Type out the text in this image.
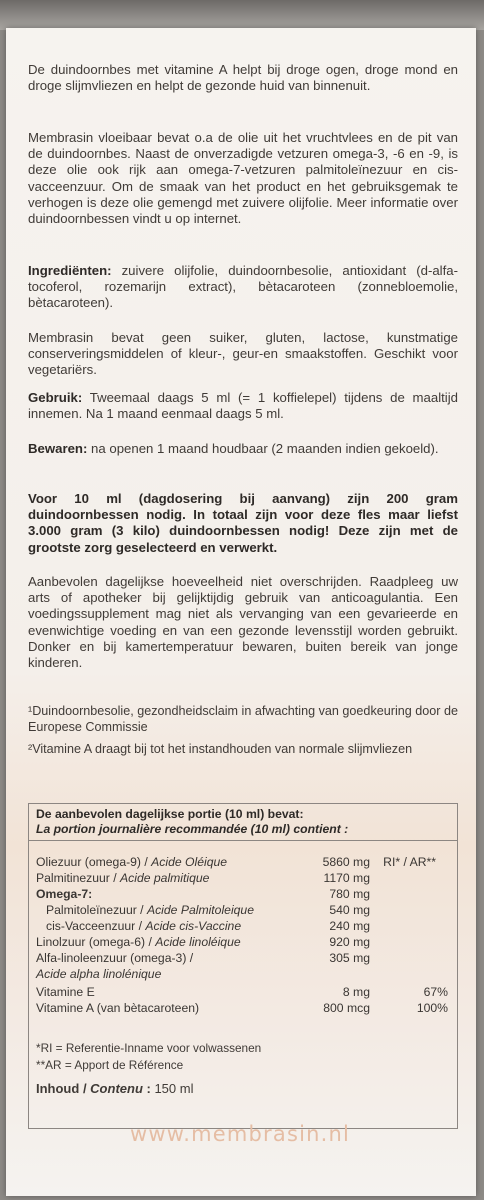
De duindoornbes met vitamine A helpt bij droge ogen, droge mond en droge slijmvliezen en helpt de gezonde huid van binnenuit.
Membrasin vloeibaar bevat o.a de olie uit het vruchtvlees en de pit van de duindoornbes. Naast de onverzadigde vetzuren omega-3, -6 en -9, is deze olie ook rijk aan omega-7-vetzuren palmitoleïnezuur en cis-vacceenzuur. Om de smaak van het product en het gebruiksgemak te verhogen is deze olie gemengd met zuivere olijfolie. Meer informatie over duindoornbessen vindt u op internet.
Ingrediënten: zuivere olijfolie, duindoornbesolie, antioxidant (d-alfa-tocoferol, rozemarijn extract), bètacaroteen (zonnebloemolie, bètacaroteen).
Membrasin bevat geen suiker, gluten, lactose, kunstmatige conserveringsmiddelen of kleur-, geur-en smaakstoffen. Geschikt voor vegetariërs.
Gebruik: Tweemaal daags 5 ml (= 1 koffielepel) tijdens de maaltijd innemen. Na 1 maand eenmaal daags 5 ml.
Bewaren: na openen 1 maand houdbaar (2 maanden indien gekoeld).
Voor 10 ml (dagdosering bij aanvang) zijn 200 gram duindoornbessen nodig. In totaal zijn voor deze fles maar liefst 3.000 gram (3 kilo) duindoornbessen nodig! Deze zijn met de grootste zorg geselecteerd en verwerkt.
Aanbevolen dagelijkse hoeveelheid niet overschrijden. Raadpleeg uw arts of apotheker bij gelijktijdig gebruik van anticoagulantia. Een voedingssupplement mag niet als vervanging van een gevarieerde en evenwichtige voeding en van een gezonde levensstijl worden gebruikt. Donker en bij kamertemperatuur bewaren, buiten bereik van jonge kinderen.
¹Duindoornbesolie, gezondheidsclaim in afwachting van goedkeuring door de Europese Commissie
²Vitamine A draagt bij tot het instandhouden van normale slijmvliezen
De aanbevolen dagelijkse portie (10 ml) bevat:
La portion journalière recommandée (10 ml) contient :
Oliezuur (omega-9) / Acide Oléique	5860 mg RI* / AR**
Palmitinezuur / Acide palmitique	1170 mg
Omega-7:	780 mg
Palmitoleïnezuur / Acide Palmitoleique	540 mg
cis-Vacceenzuur / Acide cis-Vaccine	240 mg
Linolzuur (omega-6) / Acide linoléique	920 mg
Alfa-linoleenzuur (omega-3) /	305 mg
Acide alpha linolénique
Vitamine E	8 mg	67%
Vitamine A (van bètacaroteen)	800 mcg	100%
*RI = Referentie-Inname voor volwassenen
**AR = Apport de Référence
Inhoud / Contenu : 150 ml
www.membrasin.nl
